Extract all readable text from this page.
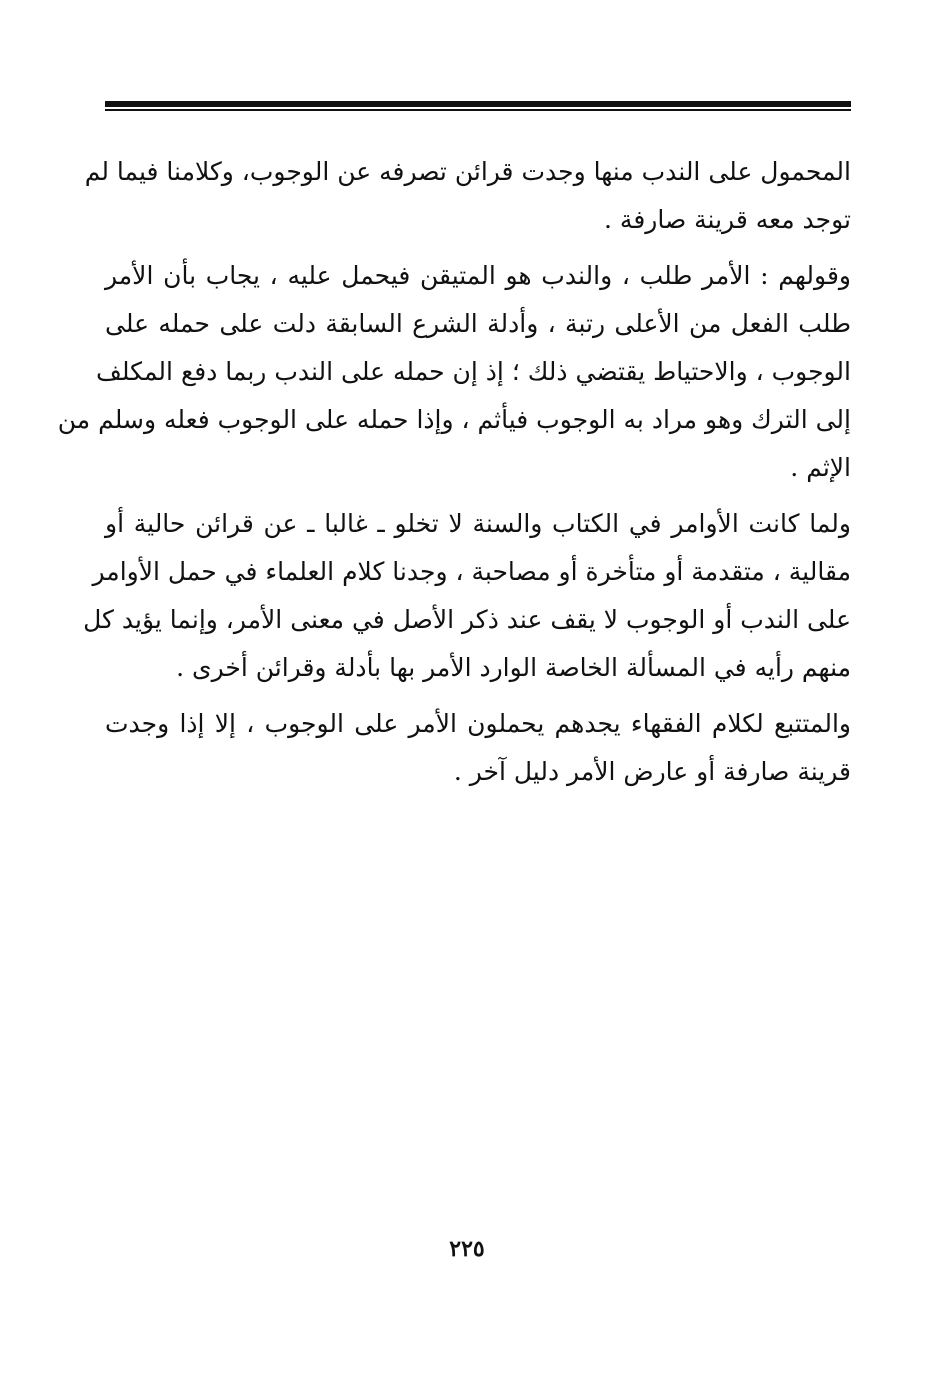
المحمول على الندب منها وجدت قرائن تصرفه عن الوجوب، وكلامنا فيما لم
توجد معه قرينة صارفة .
وقولهم : الأمر طلب ، والندب هو المتيقن فيحمل عليه ، يجاب بأن الأمر
طلب الفعل من الأعلى رتبة ، وأدلة الشرع السابقة دلت على حمله على
الوجوب ، والاحتياط يقتضي ذلك ؛ إذ إن حمله على الندب ربما دفع المكلف
إلى الترك وهو مراد به الوجوب فيأثم ، وإذا حمله على الوجوب فعله وسلم من
الإثم .
ولما كانت الأوامر في الكتاب والسنة لا تخلو ـ غالبا ـ عن قرائن حالية أو
مقالية ، متقدمة أو متأخرة أو مصاحبة ، وجدنا كلام العلماء في حمل الأوامر
على الندب أو الوجوب لا يقف عند ذكر الأصل في معنى الأمر، وإنما يؤيد كل
منهم رأيه في المسألة الخاصة الوارد الأمر بها بأدلة وقرائن أخرى .
والمتتبع لكلام الفقهاء يجدهم يحملون الأمر على الوجوب ، إلا إذا وجدت
قرينة صارفة أو عارض الأمر دليل آخر .
٢٢٥
